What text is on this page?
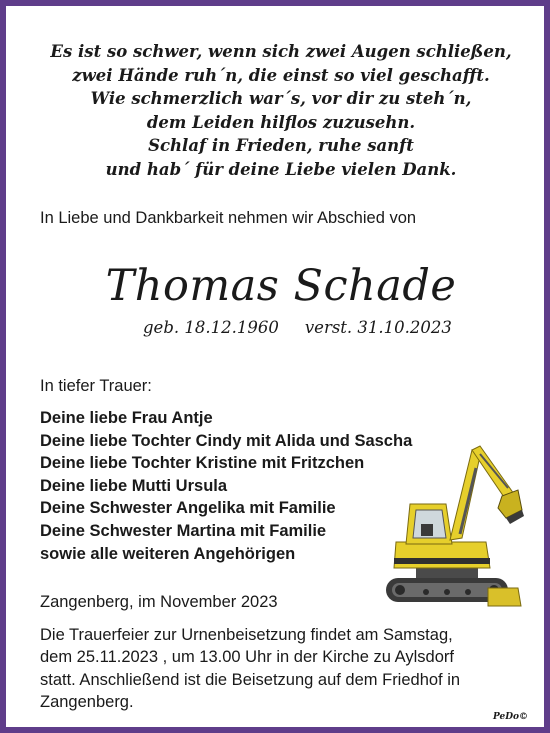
Es ist so schwer, wenn sich zwei Augen schließen,
zwei Hände ruh´n, die einst so viel geschafft.
Wie schmerzlich war´s, vor dir zu steh´n,
dem Leiden hilflos zuzusehn.
Schlaf in Frieden, ruhe sanft
und hab´ für deine Liebe vielen Dank.
In Liebe und Dankbarkeit nehmen wir Abschied von
Thomas Schade
geb. 18.12.1960 verst. 31.10.2023
In tiefer Trauer:
Deine liebe Frau Antje
Deine liebe Tochter Cindy mit Alida und Sascha
Deine liebe Tochter Kristine mit Fritzchen
Deine liebe Mutti Ursula
Deine Schwester Angelika mit Familie
Deine Schwester Martina mit Familie
sowie alle weiteren Angehörigen
Zangenberg, im November 2023
Die Trauerfeier zur Urnenbeisetzung findet am Samstag,
dem 25.11.2023 , um 13.00 Uhr in der Kirche zu Aylsdorf
statt. Anschließend ist die Beisetzung auf dem Friedhof in
Zangenberg.
PeDo©
